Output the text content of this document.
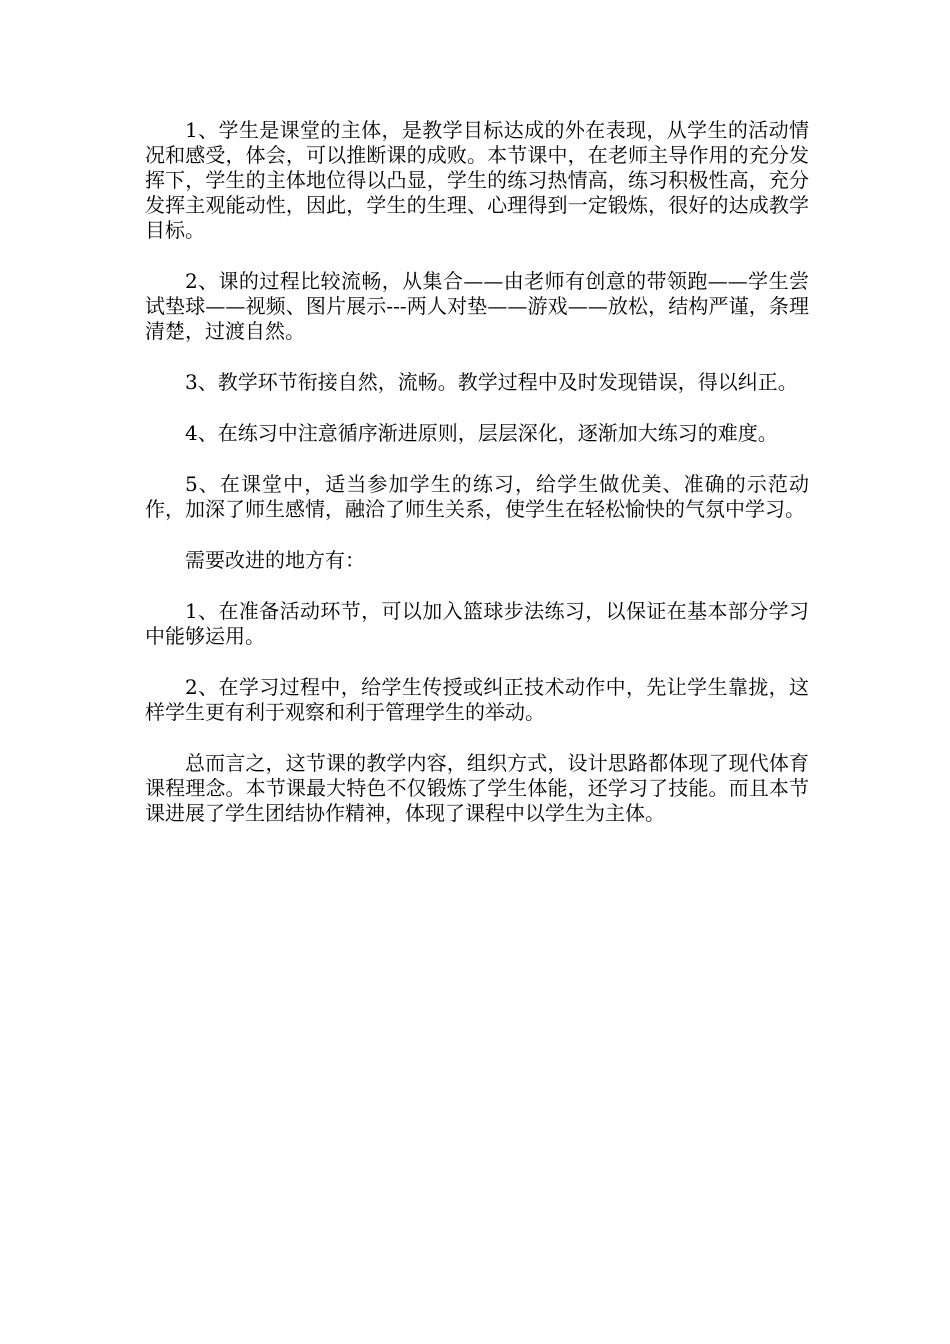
1、学生是课堂的主体，是教学目标达成的外在表现，从学生的活动情况和感受，体会，可以推断课的成败。本节课中，在老师主导作用的充分发挥下，学生的主体地位得以凸显，学生的练习热情高，练习积极性高，充分发挥主观能动性，因此，学生的生理、心理得到一定锻炼，很好的达成教学目标。

2、课的过程比较流畅，从集合——由老师有创意的带领跑——学生尝试垫球——视频、图片展示---两人对垫——游戏——放松，结构严谨，条理清楚，过渡自然。

3、教学环节衔接自然，流畅。教学过程中及时发现错误，得以纠正。

4、在练习中注意循序渐进原则，层层深化，逐渐加大练习的难度。

5、在课堂中，适当参加学生的练习，给学生做优美、准确的示范动作，加深了师生感情，融洽了师生关系，使学生在轻松愉快的气氛中学习。

需要改进的地方有：

1、在准备活动环节，可以加入篮球步法练习，以保证在基本部分学习中能够运用。

2、在学习过程中，给学生传授或纠正技术动作中，先让学生靠拢，这样学生更有利于观察和利于管理学生的举动。

总而言之，这节课的教学内容，组织方式，设计思路都体现了现代体育课程理念。本节课最大特色不仅锻炼了学生体能，还学习了技能。而且本节课进展了学生团结协作精神，体现了课程中以学生为主体。
